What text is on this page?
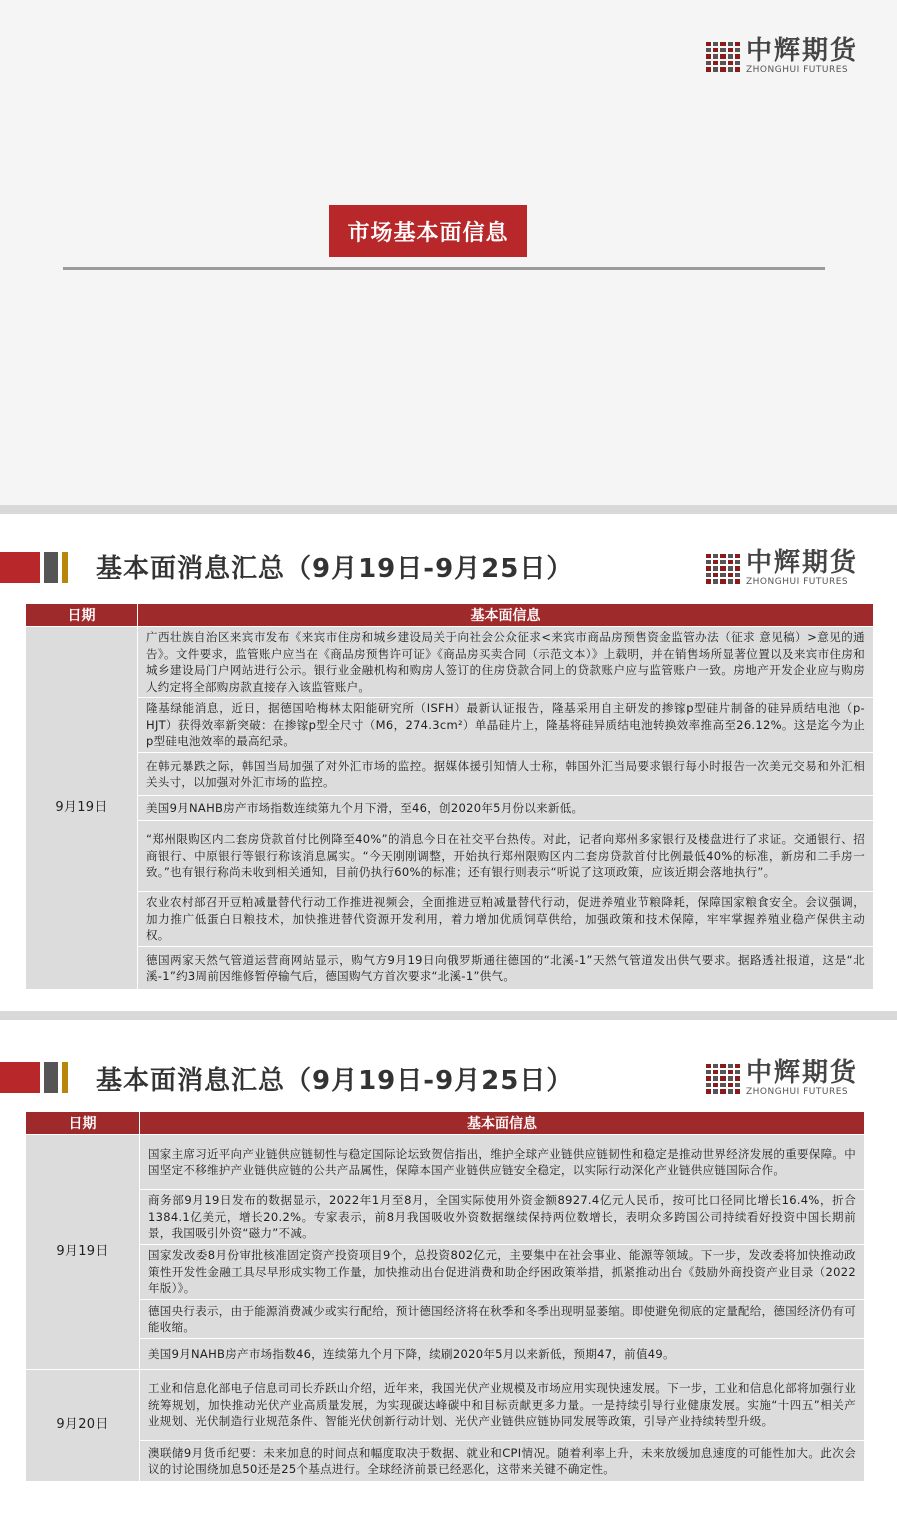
中辉期货
ZHONGHUI FUTURES
市场基本面信息
基本面消息汇总（9月19日-9月25日）	中辉期货
ZHONGHUI FUTURES
日期	基本面信息
9月19日	广西壮族自治区来宾市发布《来宾市住房和城乡建设局关于向社会公众征求<来宾市商品房预售资金监管办法（征求 意见稿）>意见的通告》。文件要求，监管账户应当在《商品房预售许可证》《商品房买卖合同（示范文本）》上载明，并在销售场所显著位置以及来宾市住房和城乡建设局门户网站进行公示。银行业金融机构和购房人签订的住房贷款合同上的贷款账户应与监管账户一致。房地产开发企业应与购房人约定将全部购房款直接存入该监管账户。
	隆基绿能消息，近日，据德国哈梅林太阳能研究所（ISFH）最新认证报告，隆基采用自主研发的掺镓p型硅片制备的硅异质结电池（p-HJT）获得效率新突破：在掺镓p型全尺寸（M6，274.3cm²）单晶硅片上，隆基将硅异质结电池转换效率推高至26.12%。这是迄今为止p型硅电池效率的最高纪录。
	在韩元暴跌之际，韩国当局加强了对外汇市场的监控。据媒体援引知情人士称，韩国外汇当局要求银行每小时报告一次美元交易和外汇相关头寸，以加强对外汇市场的监控。
	美国9月NAHB房产市场指数连续第九个月下滑，至46，创2020年5月份以来新低。
	“郑州限购区内二套房贷款首付比例降至40%”的消息今日在社交平台热传。对此，记者向郑州多家银行及楼盘进行了求证。交通银行、招商银行、中原银行等银行称该消息属实。“今天刚刚调整，开始执行郑州限购区内二套房贷款首付比例最低40%的标准，新房和二手房一致。”也有银行称尚未收到相关通知，目前仍执行60%的标准；还有银行则表示“听说了这项政策，应该近期会落地执行”。
	农业农村部召开豆粕减量替代行动工作推进视频会，全面推进豆粕减量替代行动，促进养殖业节粮降耗，保障国家粮食安全。会议强调，加力推广低蛋白日粮技术，加快推进替代资源开发利用，着力增加优质饲草供给，加强政策和技术保障，牢牢掌握养殖业稳产保供主动权。
	德国两家天然气管道运营商网站显示，购气方9月19日向俄罗斯通往德国的“北溪-1”天然气管道发出供气要求。据路透社报道，这是“北溪-1”约3周前因维修暂停输气后，德国购气方首次要求“北溪-1”供气。
基本面消息汇总（9月19日-9月25日）	中辉期货
ZHONGHUI FUTURES
日期	基本面信息
9月19日	国家主席习近平向产业链供应链韧性与稳定国际论坛致贺信指出，维护全球产业链供应链韧性和稳定是推动世界经济发展的重要保障。中国坚定不移维护产业链供应链的公共产品属性，保障本国产业链供应链安全稳定，以实际行动深化产业链供应链国际合作。
	商务部9月19日发布的数据显示，2022年1月至8月，全国实际使用外资金额8927.4亿元人民币，按可比口径同比增长16.4%，折合1384.1亿美元，增长20.2%。专家表示，前8月我国吸收外资数据继续保持两位数增长，表明众多跨国公司持续看好投资中国长期前景，我国吸引外资“磁力”不减。
	国家发改委8月份审批核准固定资产投资项目9个，总投资802亿元，主要集中在社会事业、能源等领域。下一步，发改委将加快推动政策性开发性金融工具尽早形成实物工作量，加快推动出台促进消费和助企纾困政策举措，抓紧推动出台《鼓励外商投资产业目录（2022年版）》。
	德国央行表示，由于能源消费减少或实行配给，预计德国经济将在秋季和冬季出现明显萎缩。即使避免彻底的定量配给，德国经济仍有可能收缩。
	美国9月NAHB房产市场指数46，连续第九个月下降，续刷2020年5月以来新低，预期47，前值49。
9月20日	工业和信息化部电子信息司司长乔跃山介绍，近年来，我国光伏产业规模及市场应用实现快速发展。下一步，工业和信息化部将加强行业统筹规划，加快推动光伏产业高质量发展，为实现碳达峰碳中和目标贡献更多力量。一是持续引导行业健康发展。实施“十四五”相关产业规划、光伏制造行业规范条件、智能光伏创新行动计划、光伏产业链供应链协同发展等政策，引导产业持续转型升级。
	澳联储9月货币纪要：未来加息的时间点和幅度取决于数据、就业和CPI情况。随着利率上升，未来放缓加息速度的可能性加大。此次会议的讨论围绕加息50还是25个基点进行。全球经济前景已经恶化，这带来关键不确定性。
